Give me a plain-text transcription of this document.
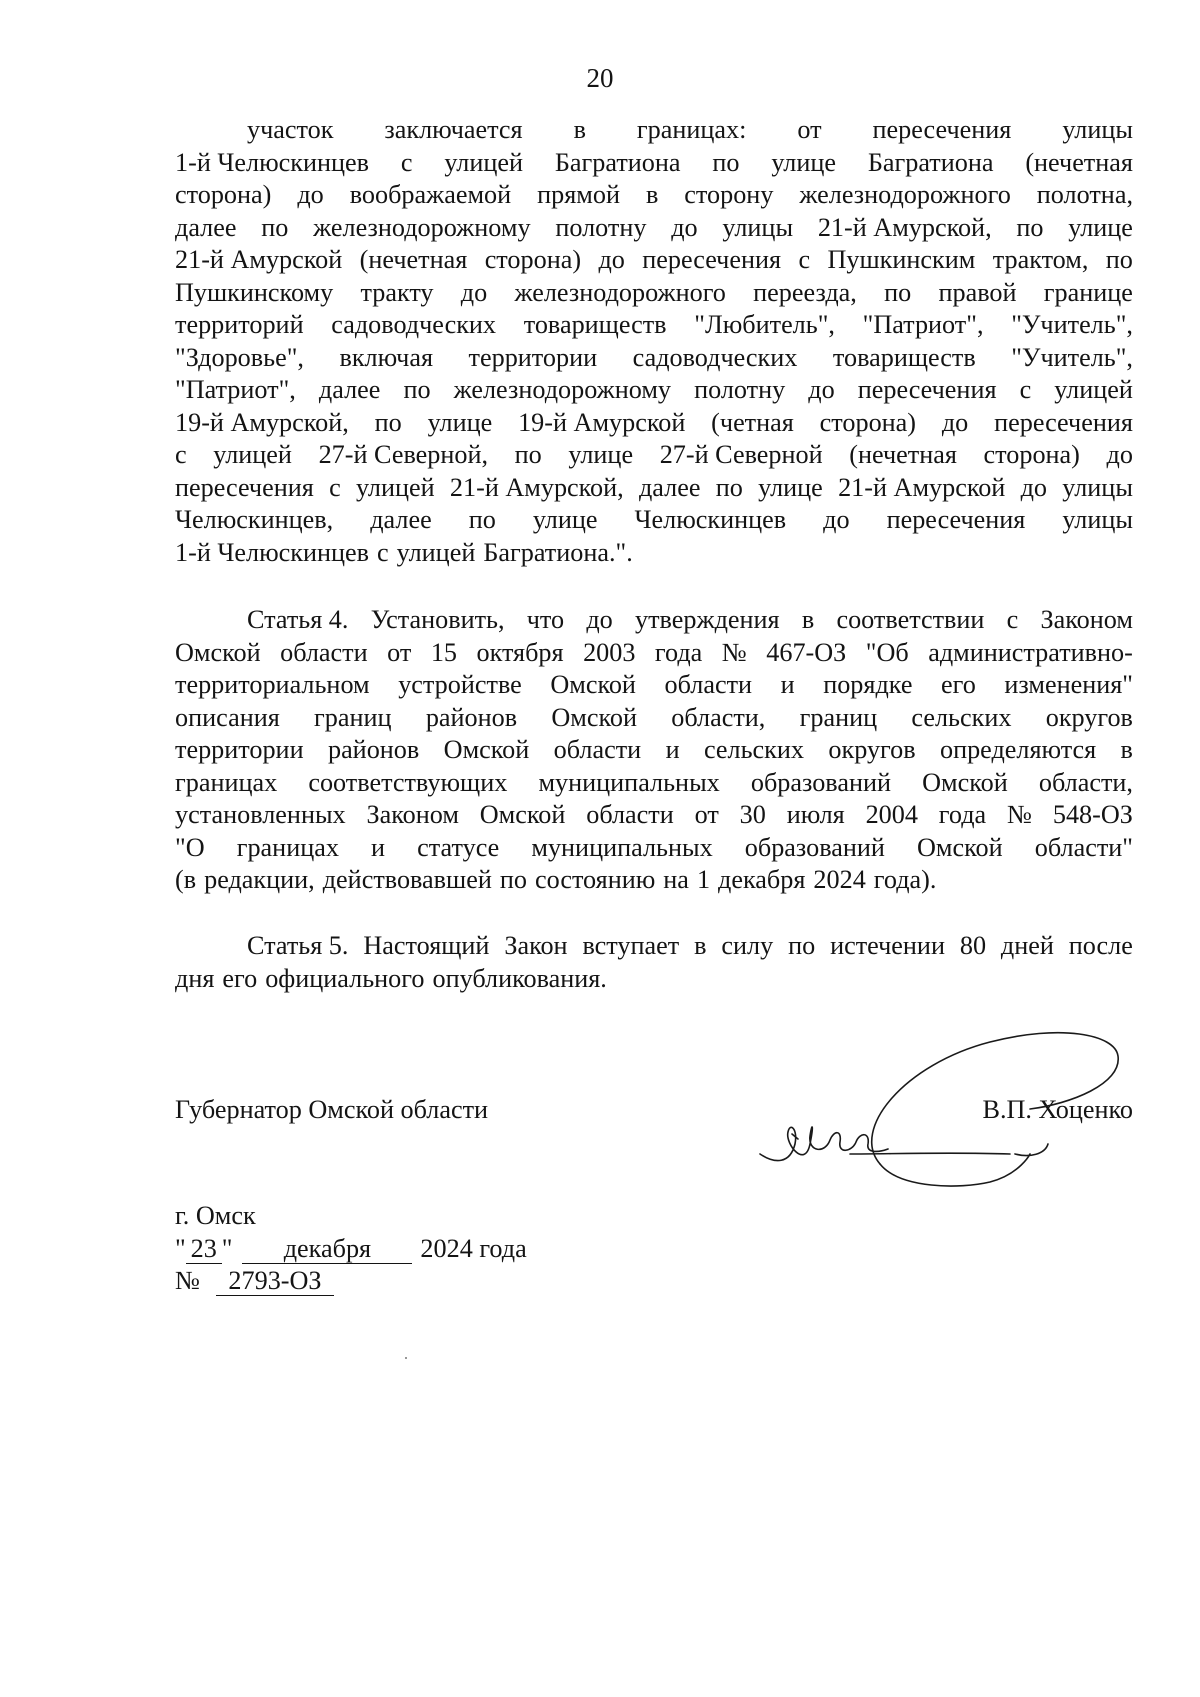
20
участок заключается в границах: от пересечения улицы
1-й Челюскинцев с улицей Багратиона по улице Багратиона (нечетная
сторона) до воображаемой прямой в сторону железнодорожного полотна,
далее по железнодорожному полотну до улицы 21-й Амурской, по улице
21-й Амурской (нечетная сторона) до пересечения с Пушкинским трактом, по
Пушкинскому тракту до железнодорожного переезда, по правой границе
территорий садоводческих товариществ "Любитель", "Патриот", "Учитель",
"Здоровье", включая территории садоводческих товариществ "Учитель",
"Патриот", далее по железнодорожному полотну до пересечения с улицей
19-й Амурской, по улице 19-й Амурской (четная сторона) до пересечения
с улицей 27-й Северной, по улице 27-й Северной (нечетная сторона) до
пересечения с улицей 21-й Амурской, далее по улице 21-й Амурской до улицы
Челюскинцев, далее по улице Челюскинцев до пересечения улицы
1-й Челюскинцев с улицей Багратиона.".
Статья 4. Установить, что до утверждения в соответствии с Законом
Омской области от 15 октября 2003 года № 467-ОЗ "Об административно-
территориальном устройстве Омской области и порядке его изменения"
описания границ районов Омской области, границ сельских округов
территории районов Омской области и сельских округов определяются в
границах соответствующих муниципальных образований Омской области,
установленных Законом Омской области от 30 июля 2004 года № 548-ОЗ
"О границах и статусе муниципальных образований Омской области"
(в редакции, действовавшей по состоянию на 1 декабря 2024 года).
Статья 5. Настоящий Закон вступает в силу по истечении 80 дней после
дня его официального опубликования.
Губернатор Омской области	В.П. Хоценко
г. Омск
" 23 " декабря 2024 года
№ 2793-ОЗ
